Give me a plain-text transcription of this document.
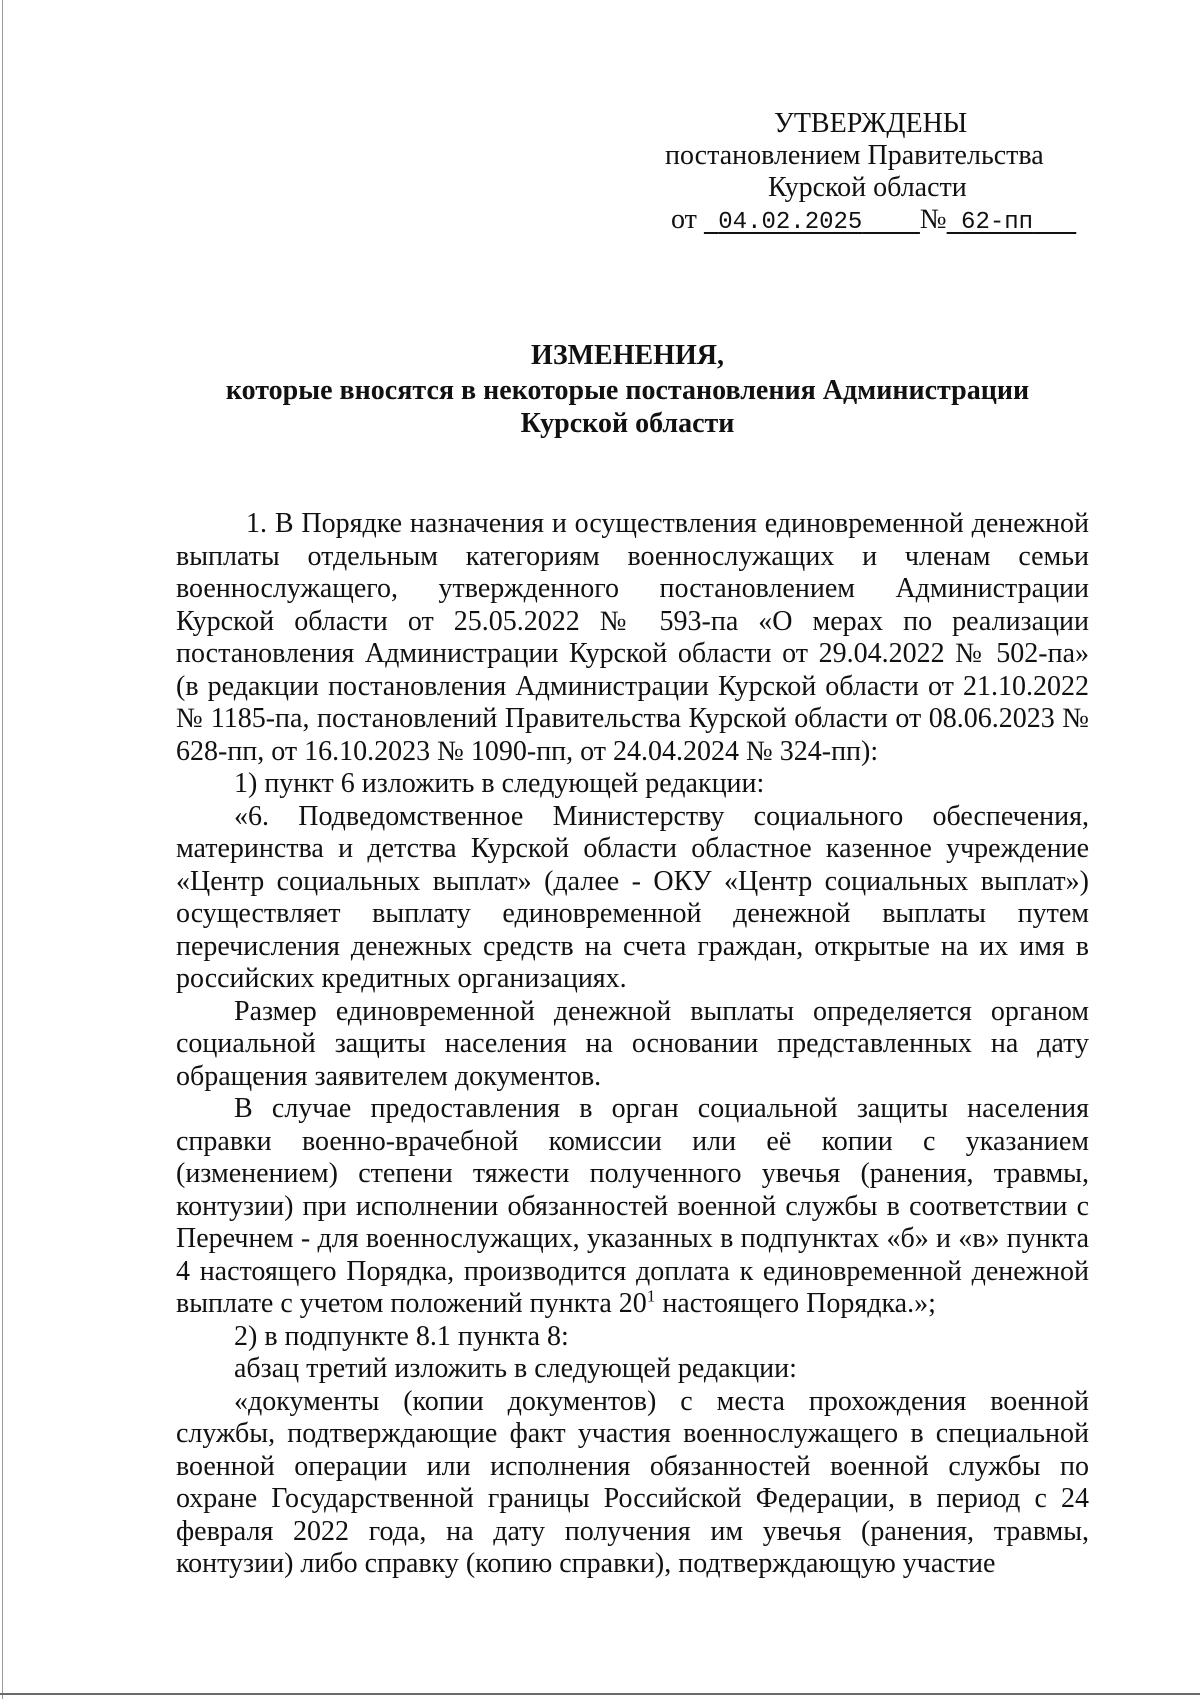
УТВЕРЖДЕНЫ
постановлением Правительства
Курской области
от 04.02.2025 № 62-пп
ИЗМЕНЕНИЯ,
которые вносятся в некоторые постановления Администрации
Курской области

1. В Порядке назначения и осуществления единовременной денежной выплаты отдельным категориям военнослужащих и членам семьи военнослужащего, утвержденного постановлением Администрации Курской области от 25.05.2022 № 593-па «О мерах по реализации постановления Администрации Курской области от 29.04.2022 № 502-па» (в редакции постановления Администрации Курской области от 21.10.2022 № 1185-па, постановлений Правительства Курской области от 08.06.2023 № 628-пп, от 16.10.2023 № 1090-пп, от 24.04.2024 № 324-пп):

1) пункт 6 изложить в следующей редакции:

«6. Подведомственное Министерству социального обеспечения, материнства и детства Курской области областное казенное учреждение «Центр социальных выплат» (далее - ОКУ «Центр социальных выплат») осуществляет выплату единовременной денежной выплаты путем перечисления денежных средств на счета граждан, открытые на их имя в российских кредитных организациях.

Размер единовременной денежной выплаты определяется органом социальной защиты населения на основании представленных на дату обращения заявителем документов.

В случае предоставления в орган социальной защиты населения справки военно-врачебной комиссии или её копии с указанием (изменением) степени тяжести полученного увечья (ранения, травмы, контузии) при исполнении обязанностей военной службы в соответствии с Перечнем - для военнослужащих, указанных в подпунктах «б» и «в» пункта 4 настоящего Порядка, производится доплата к единовременной денежной выплате с учетом положений пункта $20^1$ настоящего Порядка.»;

2) в подпункте 8.1 пункта 8:

абзац третий изложить в следующей редакции:

«документы (копии документов) с места прохождения военной службы, подтверждающие факт участия военнослужащего в специальной военной операции или исполнения обязанностей военной службы по охране Государственной границы Российской Федерации, в период с 24 февраля 2022 года, на дату получения им увечья (ранения, травмы, контузии) либо справку (копию справки), подтверждающую участие
